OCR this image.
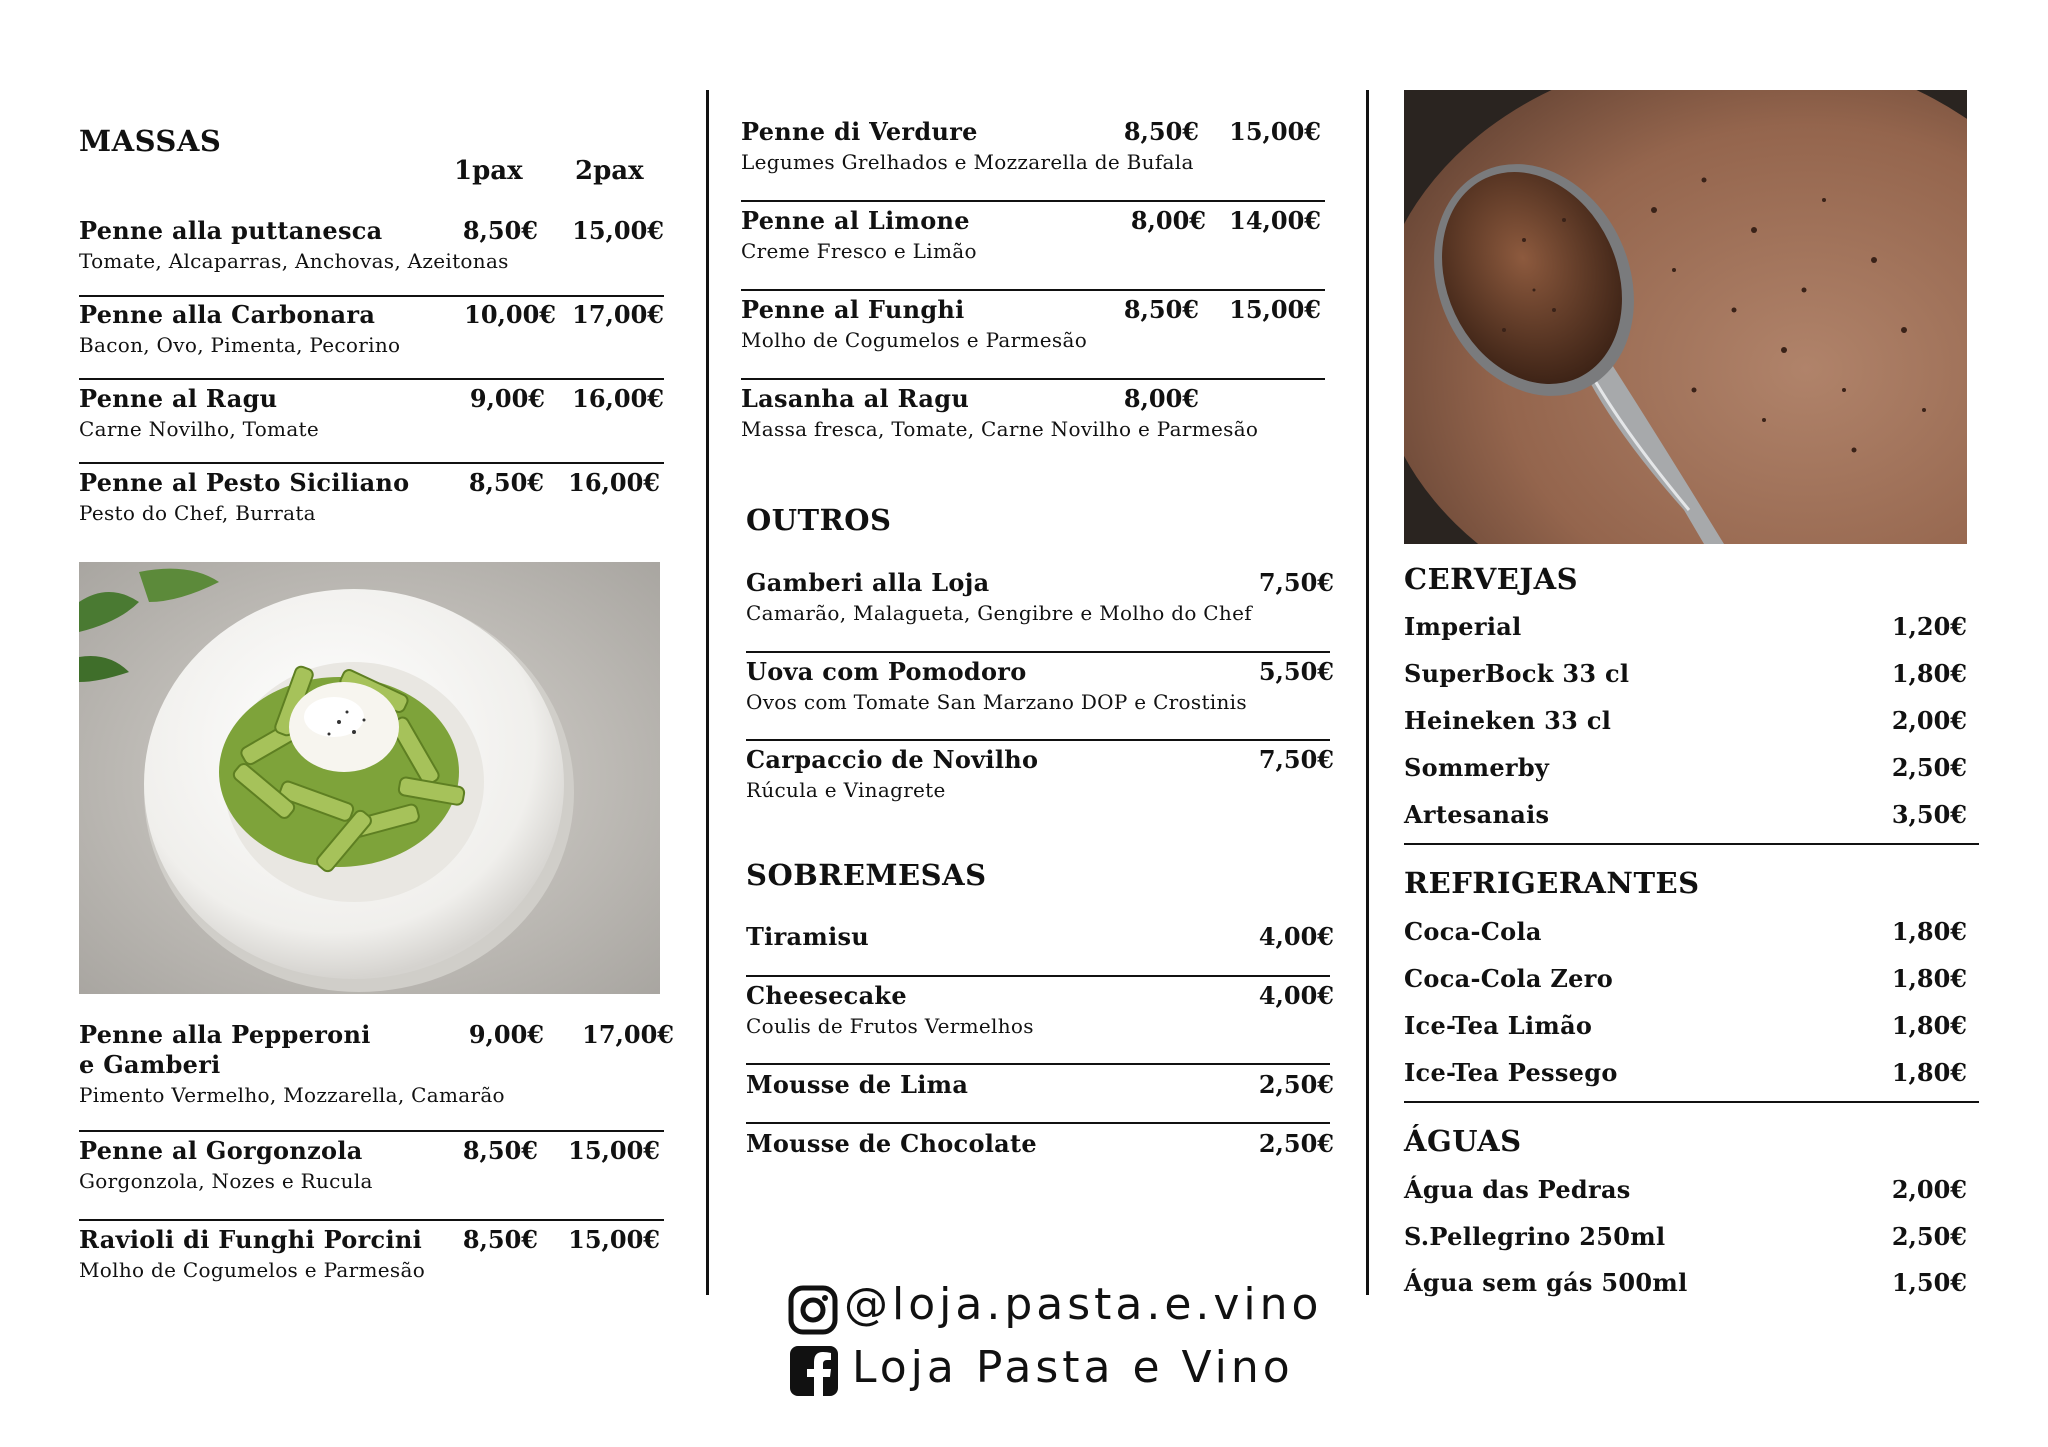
MASSAS
1pax 2pax
Penne alla puttanesca
Tomate, Alcaparras, Anchovas, Azeitonas
8,50€ 15,00€
Penne alla Carbonara
Bacon, Ovo, Pimenta, Pecorino
10,00€ 17,00€
Penne al Ragu
Carne Novilho, Tomate
9,00€ 16,00€
Penne al Pesto Siciliano
Pesto do Chef, Burrata
8,50€ 16,00€
Penne alla Pepperoni
e Gamberi
Pimento Vermelho, Mozzarella, Camarão
9,00€ 17,00€
Penne al Gorgonzola
Gorgonzola, Nozes e Rucula
8,50€ 15,00€
Ravioli di Funghi Porcini
Molho de Cogumelos e Parmesão
8,50€ 15,00€
Penne di Verdure
Legumes Grelhados e Mozzarella de Bufala
8,50€ 15,00€
Penne al Limone
Creme Fresco e Limão
8,00€ 14,00€
Penne al Funghi
Molho de Cogumelos e Parmesão
8,50€ 15,00€
Lasanha al Ragu
Massa fresca, Tomate, Carne Novilho e Parmesão
8,00€
OUTROS
Gamberi alla Loja
Camarão, Malagueta, Gengibre e Molho do Chef
7,50€
Uova com Pomodoro
Ovos com Tomate San Marzano DOP e Crostinis
5,50€
Carpaccio de Novilho
Rúcula e Vinagrete
7,50€
SOBREMESAS
Tiramisu	4,00€
Cheesecake
Coulis de Frutos Vermelhos
4,00€
Mousse de Lima	2,50€
Mousse de Chocolate	2,50€
@loja.pasta.e.vino
Loja Pasta e Vino
CERVEJAS
Imperial	1,20€
SuperBock 33 cl	1,80€
Heineken 33 cl	2,00€
Sommerby	2,50€
Artesanais	3,50€
REFRIGERANTES
Coca-Cola	1,80€
Coca-Cola Zero	1,80€
Ice-Tea Limão	1,80€
Ice-Tea Pessego	1,80€
ÁGUAS
Água das Pedras	2,00€
S.Pellegrino 250ml	2,50€
Água sem gás 500ml	1,50€
